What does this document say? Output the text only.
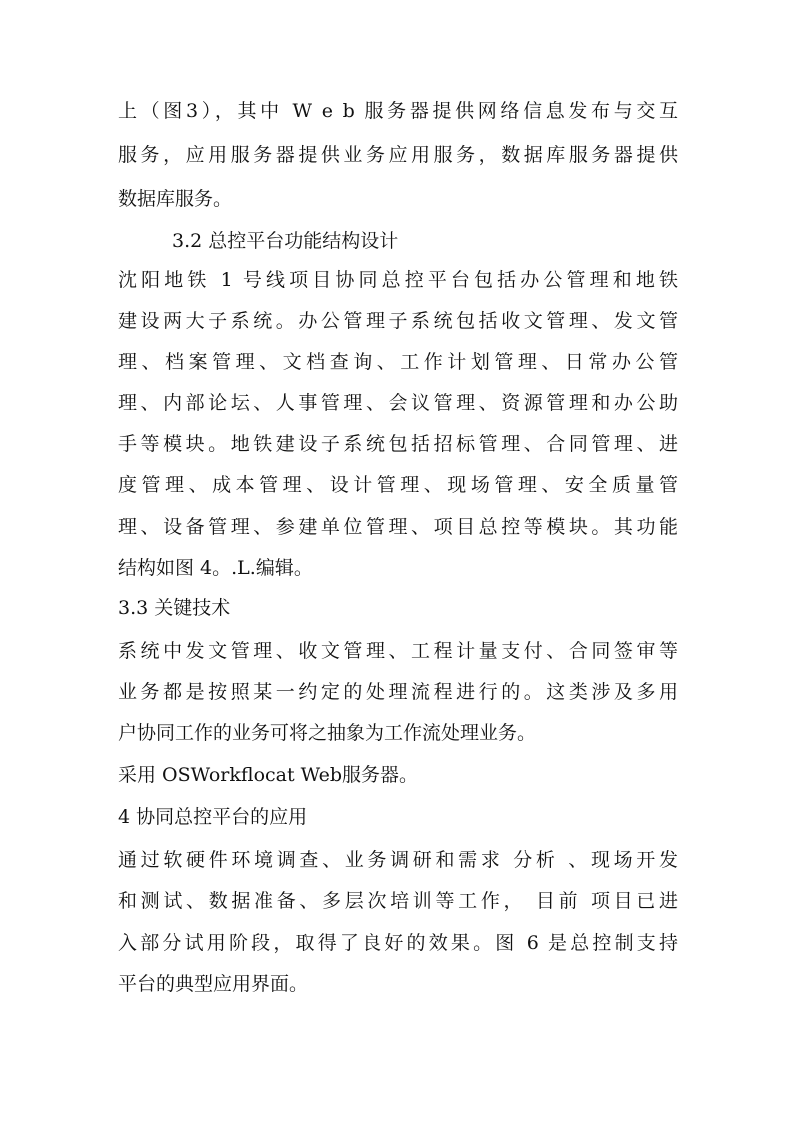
上（图3），其中 W e b 服务器提供网络信息发布与交互
服务，应用服务器提供业务应用服务，数据库服务器提供
数据库服务。
3.2 总控平台功能结构设计
沈阳地铁 1 号线项目协同总控平台包括办公管理和地铁
建设两大子系统。办公管理子系统包括收文管理、发文管
理、档案管理、文档查询、工作计划管理、日常办公管
理、内部论坛、人事管理、会议管理、资源管理和办公助
手等模块。地铁建设子系统包括招标管理、合同管理、进
度管理、成本管理、设计管理、现场管理、安全质量管
理、设备管理、参建单位管理、项目总控等模块。其功能
结构如图 4。.L.编辑。
3.3 关键技术
系统中发文管理、收文管理、工程计量支付、合同签审等
业务都是按照某一约定的处理流程进行的。这类涉及多用
户协同工作的业务可将之抽象为工作流处理业务。
采用 OSWorkflocat Web服务器。
4 协同总控平台的应用
通过软硬件环境调查、业务调研和需求 分析 、现场开发
和测试、数据准备、多层次培训等工作， 目前 项目已进
入部分试用阶段，取得了良好的效果。图 6 是总控制支持
平台的典型应用界面。
